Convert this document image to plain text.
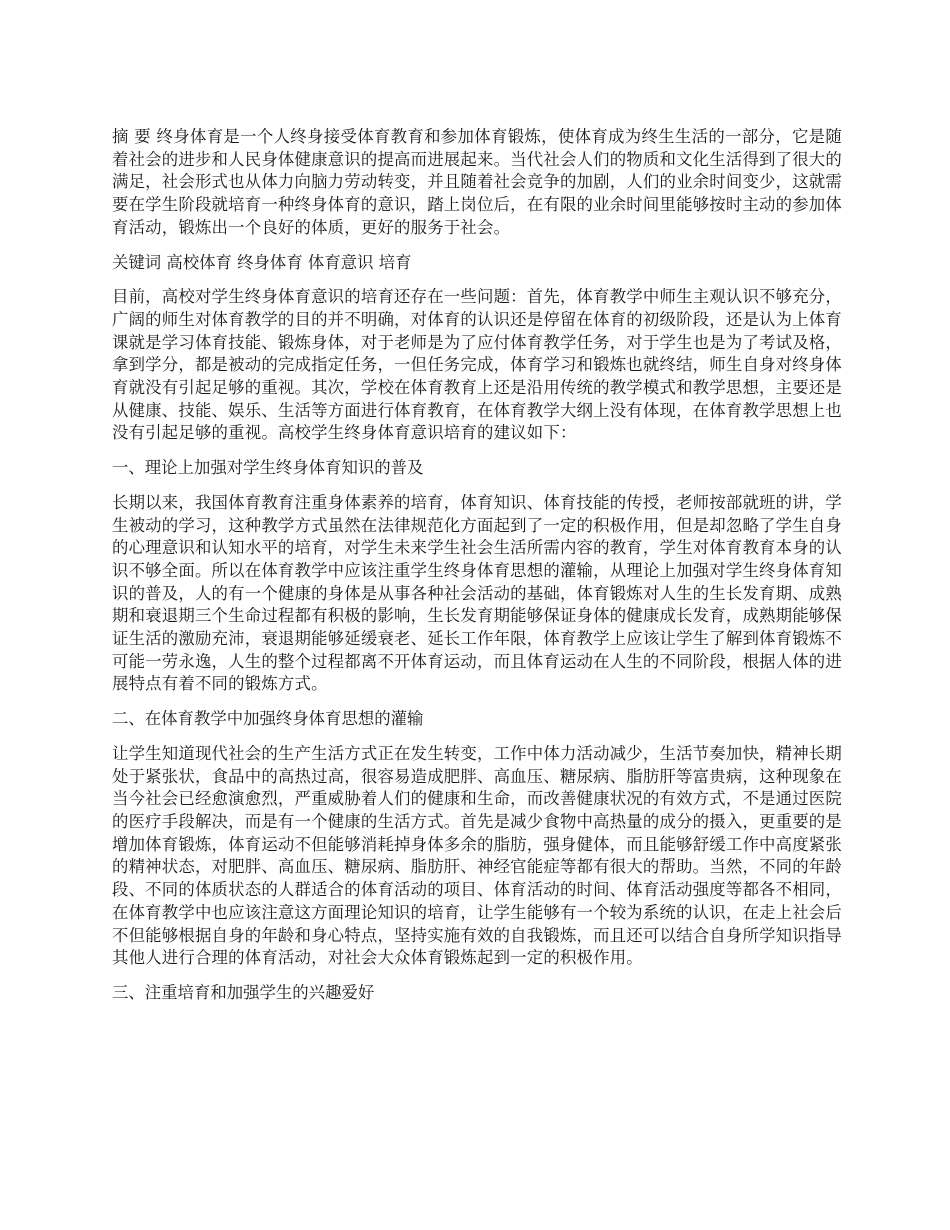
摘 要 终身体育是一个人终身接受体育教育和参加体育锻炼，使体育成为终生生活的一部分，它是随着社会的进步和人民身体健康意识的提高而进展起来。当代社会人们的物质和文化生活得到了很大的满足，社会形式也从体力向脑力劳动转变，并且随着社会竞争的加剧，人们的业余时间变少，这就需要在学生阶段就培育一种终身体育的意识，踏上岗位后，在有限的业余时间里能够按时主动的参加体育活动，锻炼出一个良好的体质，更好的服务于社会。

关键词 高校体育 终身体育 体育意识 培育

目前，高校对学生终身体育意识的培育还存在一些问题：首先，体育教学中师生主观认识不够充分，广阔的师生对体育教学的目的并不明确，对体育的认识还是停留在体育的初级阶段，还是认为上体育课就是学习体育技能、锻炼身体，对于老师是为了应付体育教学任务，对于学生也是为了考试及格，拿到学分，都是被动的完成指定任务，一但任务完成，体育学习和锻炼也就终结，师生自身对终身体育就没有引起足够的重视。其次，学校在体育教育上还是沿用传统的教学模式和教学思想，主要还是从健康、技能、娱乐、生活等方面进行体育教育，在体育教学大纲上没有体现，在体育教学思想上也没有引起足够的重视。高校学生终身体育意识培育的建议如下：

一、理论上加强对学生终身体育知识的普及

长期以来，我国体育教育注重身体素养的培育，体育知识、体育技能的传授，老师按部就班的讲，学生被动的学习，这种教学方式虽然在法律规范化方面起到了一定的积极作用，但是却忽略了学生自身的心理意识和认知水平的培育，对学生未来学生社会生活所需内容的教育，学生对体育教育本身的认识不够全面。所以在体育教学中应该注重学生终身体育思想的灌输，从理论上加强对学生终身体育知识的普及，人的有一个健康的身体是从事各种社会活动的基础，体育锻炼对人生的生长发育期、成熟期和衰退期三个生命过程都有积极的影响，生长发育期能够保证身体的健康成长发育，成熟期能够保证生活的激励充沛，衰退期能够延缓衰老、延长工作年限，体育教学上应该让学生了解到体育锻炼不可能一劳永逸，人生的整个过程都离不开体育运动，而且体育运动在人生的不同阶段，根据人体的进展特点有着不同的锻炼方式。

二、在体育教学中加强终身体育思想的灌输

让学生知道现代社会的生产生活方式正在发生转变，工作中体力活动减少，生活节奏加快，精神长期处于紧张状，食品中的高热过高，很容易造成肥胖、高血压、糖尿病、脂肪肝等富贵病，这种现象在当今社会已经愈演愈烈，严重威胁着人们的健康和生命，而改善健康状况的有效方式，不是通过医院的医疗手段解决，而是有一个健康的生活方式。首先是减少食物中高热量的成分的摄入，更重要的是增加体育锻炼，体育运动不但能够消耗掉身体多余的脂肪，强身健体，而且能够舒缓工作中高度紧张的精神状态，对肥胖、高血压、糖尿病、脂肪肝、神经官能症等都有很大的帮助。当然，不同的年龄段、不同的体质状态的人群适合的体育活动的项目、体育活动的时间、体育活动强度等都各不相同，在体育教学中也应该注意这方面理论知识的培育，让学生能够有一个较为系统的认识，在走上社会后不但能够根据自身的年龄和身心特点，坚持实施有效的自我锻炼，而且还可以结合自身所学知识指导其他人进行合理的体育活动，对社会大众体育锻炼起到一定的积极作用。

三、注重培育和加强学生的兴趣爱好
